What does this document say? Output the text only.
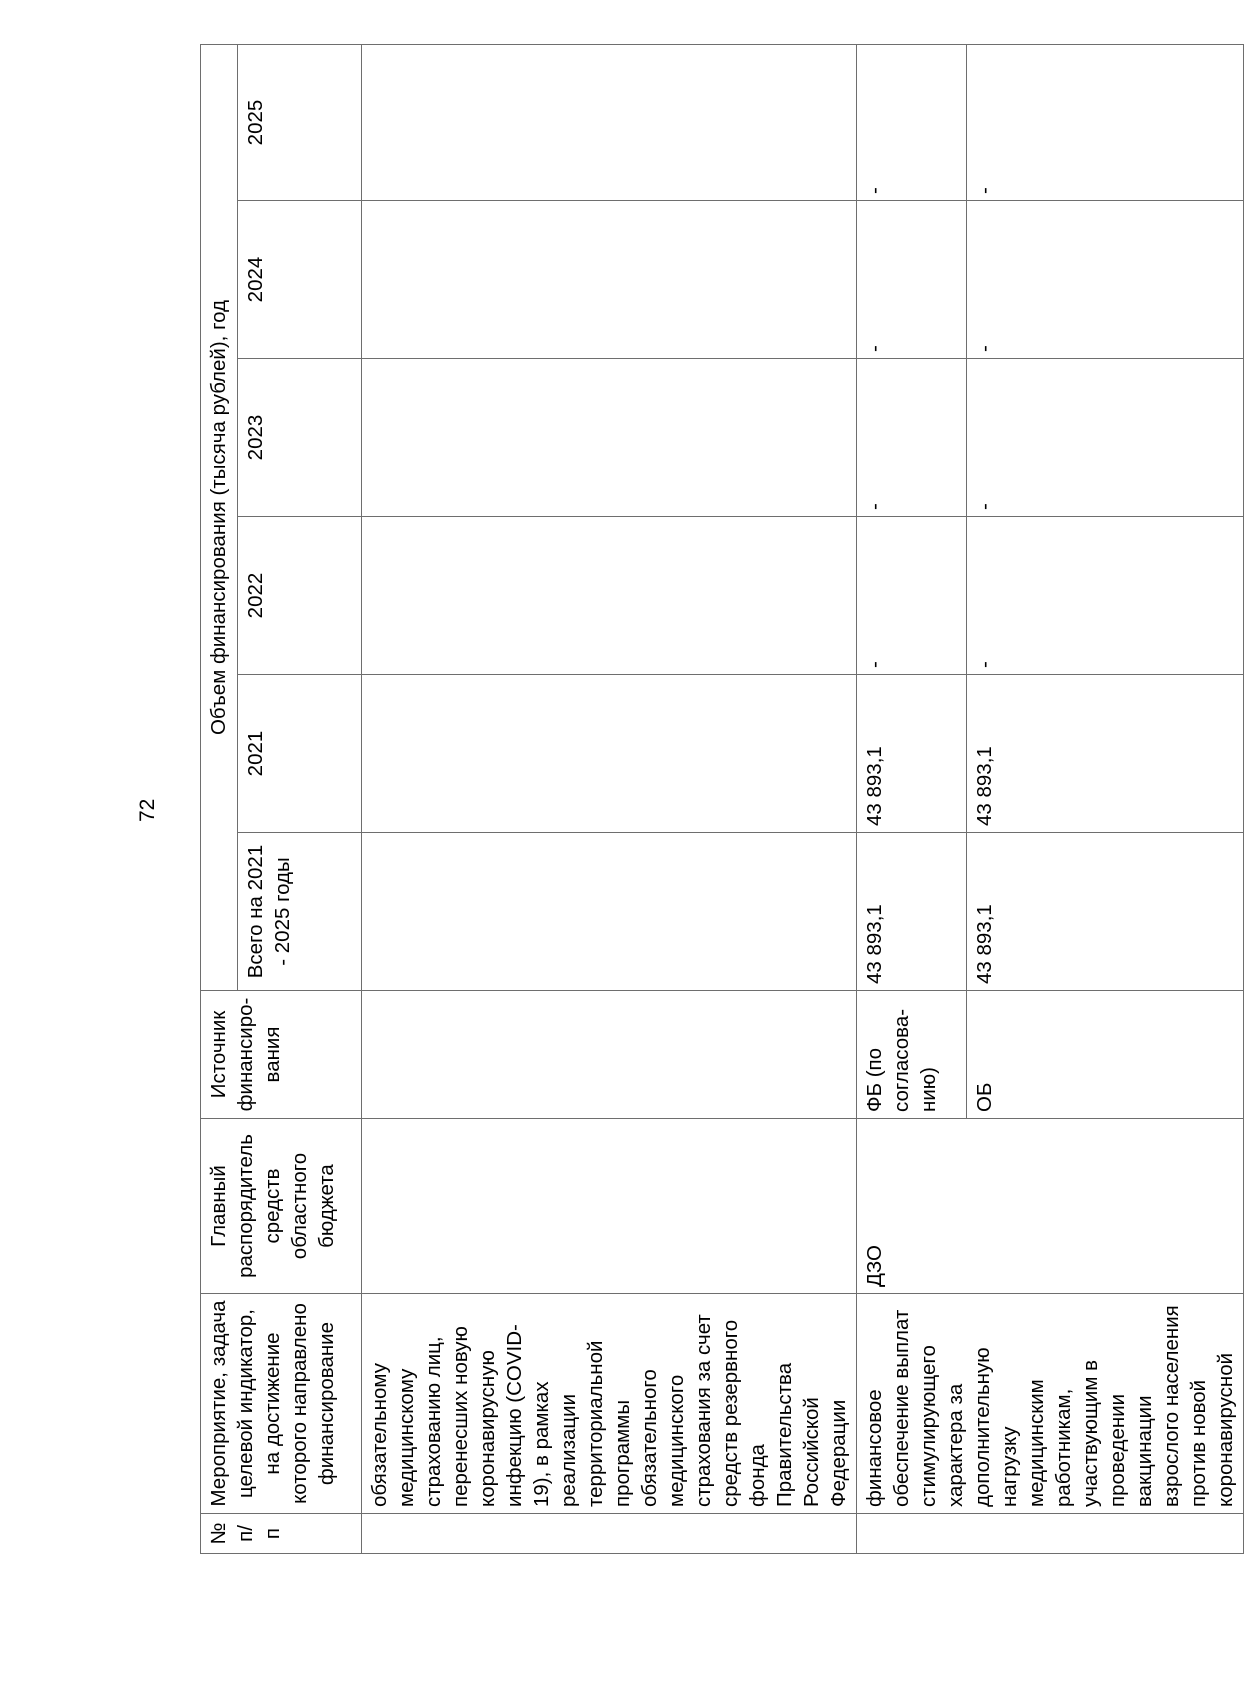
72
№ п/п	Мероприятие, задача целевой индикатор, на достижение которого направлено финансирование	Главный распорядитель средств областного бюджета	Источник финансиро-вания	Объем финансирования (тысяча рублей), год					
				Всего на 2021 - 2025 годы	2021	2022	2023	2024	2025
	обязательному медицинскому страхованию лиц, перенесших новую коронавирусную инфекцию (COVID-19), в рамках реализации территориальной программы обязательного медицинского страхования за счет средств резервного фонда Правительства Российской Федерации								
	финансовое обеспечение выплат стимулирующего характера за дополнительную нагрузку медицинским работникам, участвующим в проведении вакцинации взрослого населения против новой коронавирусной	ДЗО	ФБ (по согласова-нию)	43 893,1	43 893,1	-	-	-	-
			ОБ	43 893,1	43 893,1	-	-	-	-
